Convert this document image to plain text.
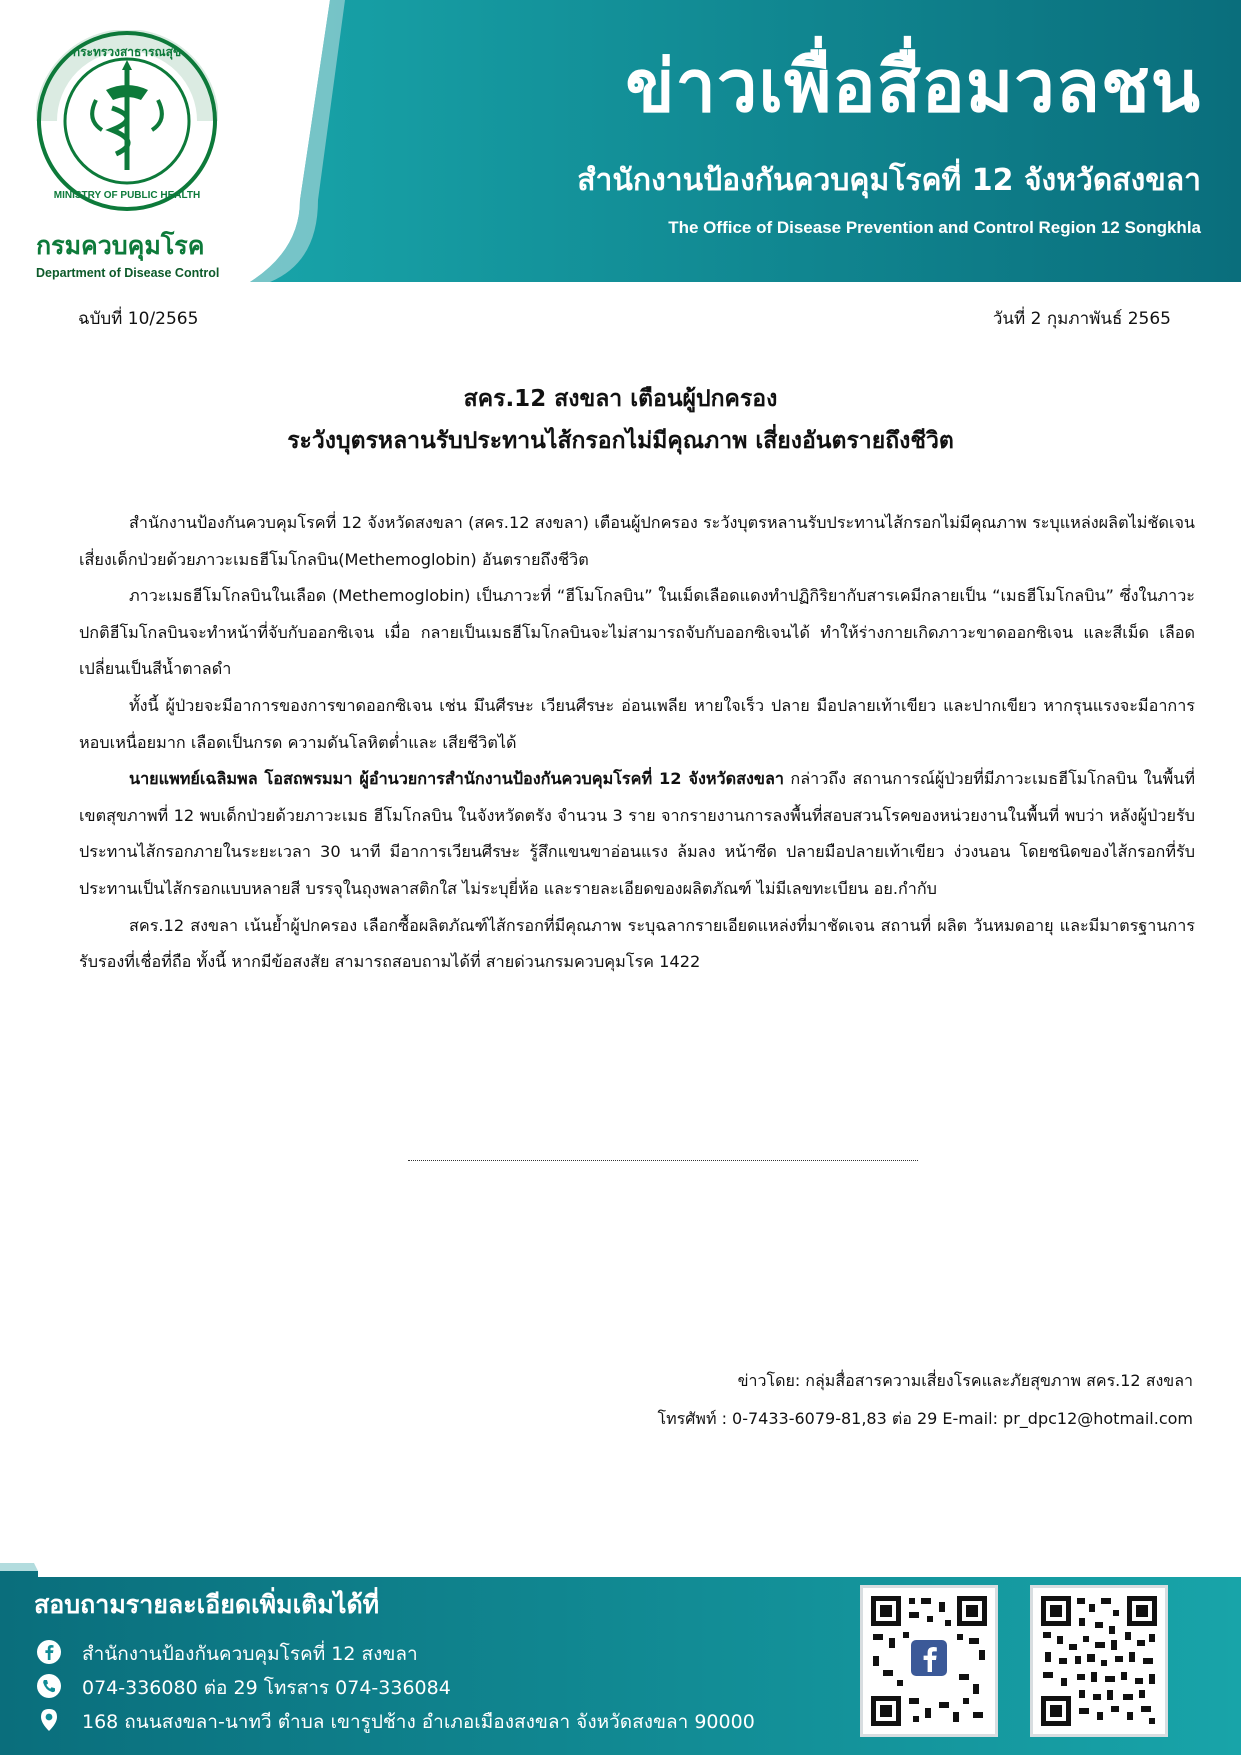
MINISTRY OF PUBLIC HEALTH
กระทรวงสาธารณสุข
กรมควบคุมโรค
Department of Disease Control
ข่าวเพื่อสื่อมวลชน
สำนักงานป้องกันควบคุมโรคที่ 12 จังหวัดสงขลา
The Office of Disease Prevention and Control Region 12 Songkhla
ฉบับที่ 10/2565	วันที่ 2 กุมภาพันธ์ 2565
สคร.12 สงขลา เตือนผู้ปกครอง
ระวังบุตรหลานรับประทานไส้กรอกไม่มีคุณภาพ เสี่ยงอันตรายถึงชีวิต

สำนักงานป้องกันควบคุมโรคที่ 12 จังหวัดสงขลา (สคร.12 สงขลา) เตือนผู้ปกครอง ระวังบุตรหลานรับประทานไส้กรอกไม่มีคุณภาพ ระบุแหล่งผลิตไม่ชัดเจน เสี่ยงเด็กป่วยด้วยภาวะเมธฮีโมโกลบิน(Methemoglobin) อันตรายถึงชีวิต

ภาวะเมธฮีโมโกลบินในเลือด (Methemoglobin) เป็นภาวะที่ “ฮีโมโกลบิน” ในเม็ดเลือดแดงทำปฏิกิริยากับสารเคมีกลายเป็น “เมธฮีโมโกลบิน” ซึ่งในภาวะปกติฮีโมโกลบินจะทำหน้าที่จับกับออกซิเจน เมื่อ กลายเป็นเมธฮีโมโกลบินจะไม่สามารถจับกับออกซิเจนได้ ทำให้ร่างกายเกิดภาวะขาดออกซิเจน และสีเม็ด เลือดเปลี่ยนเป็นสีน้ำตาลดำ

ทั้งนี้ ผู้ป่วยจะมีอาการของการขาดออกซิเจน เช่น มึนศีรษะ เวียนศีรษะ อ่อนเพลีย หายใจเร็ว ปลาย มือปลายเท้าเขียว และปากเขียว หากรุนแรงจะมีอาการหอบเหนื่อยมาก เลือดเป็นกรด ความดันโลหิตต่ำและ เสียชีวิตได้

นายแพทย์เฉลิมพล โอสถพรมมา ผู้อำนวยการสำนักงานป้องกันควบคุมโรคที่ 12 จังหวัดสงขลา กล่าวถึง สถานการณ์ผู้ป่วยที่มีภาวะเมธฮีโมโกลบิน ในพื้นที่เขตสุขภาพที่ 12 พบเด็กป่วยด้วยภาวะเมธ ฮีโมโกลบิน ในจังหวัดตรัง จำนวน 3 ราย จากรายงานการลงพื้นที่สอบสวนโรคของหน่วยงานในพื้นที่ พบว่า หลังผู้ป่วยรับประทานไส้กรอกภายในระยะเวลา 30 นาที มีอาการเวียนศีรษะ รู้สึกแขนขาอ่อนแรง ล้มลง หน้าซีด ปลายมือปลายเท้าเขียว ง่วงนอน โดยชนิดของไส้กรอกที่รับประทานเป็นไส้กรอกแบบหลายสี บรรจุในถุงพลาสติกใส ไม่ระบุยี่ห้อ และรายละเอียดของผลิตภัณฑ์ ไม่มีเลขทะเบียน อย.กำกับ

สคร.12 สงขลา เน้นย้ำผู้ปกครอง เลือกซื้อผลิตภัณฑ์ไส้กรอกที่มีคุณภาพ ระบุฉลากรายเอียดแหล่งที่มาชัดเจน สถานที่ ผลิต วันหมดอายุ และมีมาตรฐานการรับรองที่เชื่อที่ถือ ทั้งนี้ หากมีข้อสงสัย สามารถสอบถามได้ที่ สายด่วนกรมควบคุมโรค 1422

ข่าวโดย: กลุ่มสื่อสารความเสี่ยงโรคและภัยสุขภาพ สคร.12 สงขลา
โทรศัพท์ : 0-7433-6079-81,83 ต่อ 29 E-mail: pr_dpc12@hotmail.com
สอบถามรายละเอียดเพิ่มเติมได้ที่
สำนักงานป้องกันควบคุมโรคที่ 12 สงขลา
074-336080 ต่อ 29 โทรสาร 074-336084
168 ถนนสงขลา-นาทวี ตำบล เขารูปช้าง อำเภอเมืองสงขลา จังหวัดสงขลา 90000
